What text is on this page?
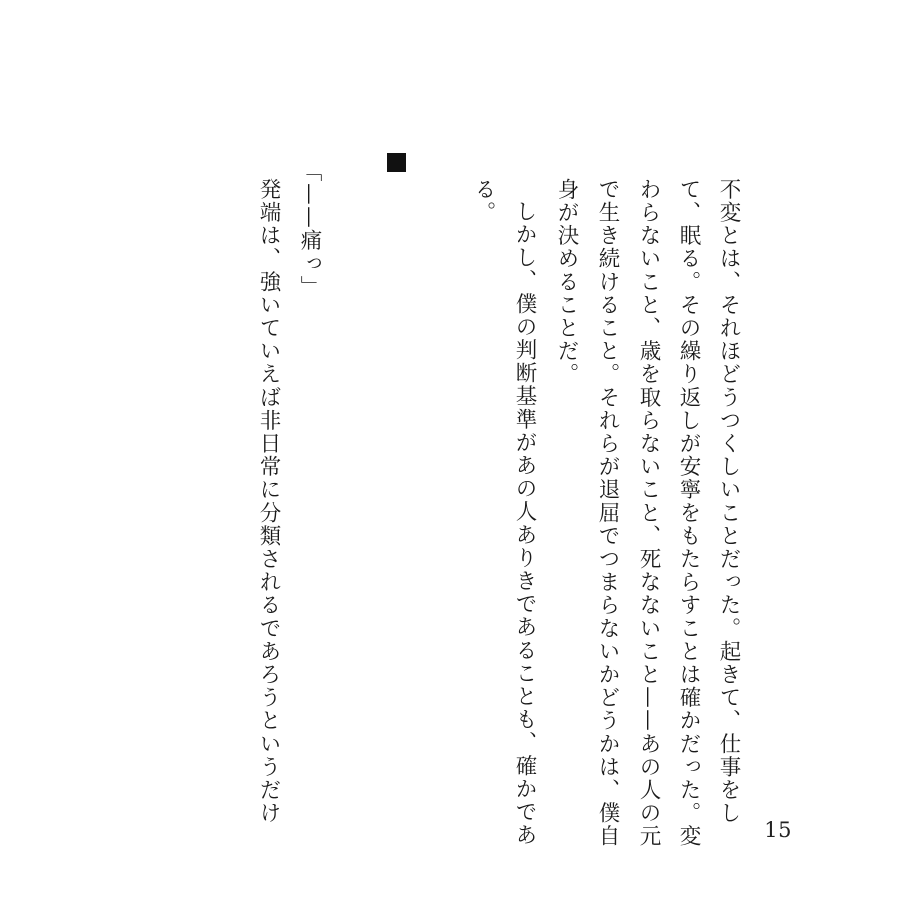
不変とは、それほどうつくしいことだった。起きて、仕事をし
て、眠る。その繰り返しが安寧をもたらすことは確かだった。変
わらないこと、歳を取らないこと、死なないこと——あの人の元
で生き続けること。それらが退屈でつまらないかどうかは、僕自
身が決めることだ。
しかし、僕の判断基準があの人ありきであることも、確かであ
る。
「——痛っ」
発端は、強いていえば非日常に分類されるであろうというだけ
15
